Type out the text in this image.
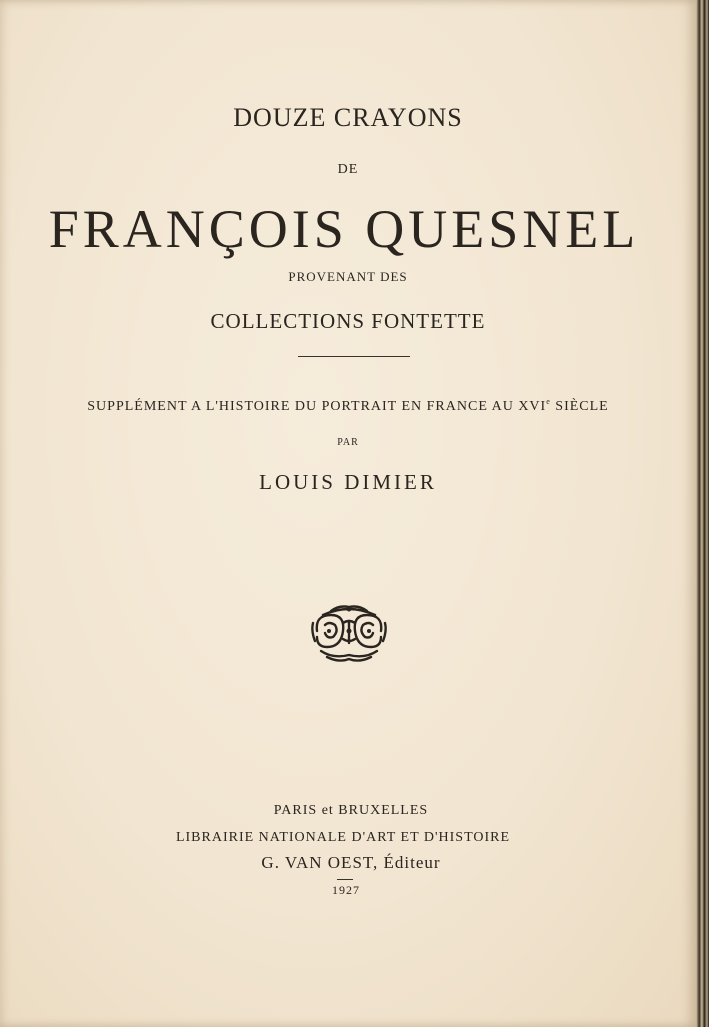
DOUZE CRAYONS
DE
FRANÇOIS QUESNEL
PROVENANT DES
COLLECTIONS FONTETTE
SUPPLÉMENT A L'HISTOIRE DU PORTRAIT EN FRANCE AU XVIe SIÈCLE
PAR
LOUIS DIMIER
PARIS et BRUXELLES
LIBRAIRIE NATIONALE D'ART ET D'HISTOIRE
G. VAN OEST, Éditeur
1927
